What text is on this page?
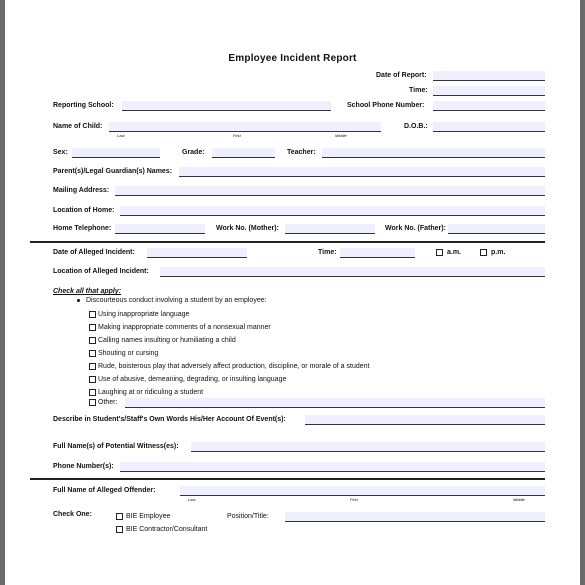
Employee Incident Report
Date of Report:
Time:
Reporting School:	School Phone Number:
Name of Child:
Last	First	Middle
D.O.B.:
Sex:	Grade:	Teacher:
Parent(s)/Legal Guardian(s) Names:
Mailing Address:
Location of Home:
Home Telephone:	Work No. (Mother):	Work No. (Father):
Date of Alleged Incident:	Time:	a.m.	p.m.
Location of Alleged Incident:
Check all that apply:
Discourteous conduct involving a student by an employee:
Using inappropriate language
Making inappropriate comments of a nonsexual manner
Calling names insulting or humiliating a child
Shouting or cursing
Rude, boisterous play that adversely affect production, discipline, or morale of a student
Use of abusive, demeaning, degrading, or insulting language
Laughing at or ridiculing a student
Other:
Describe in Student's/Staff's Own Words His/Her Account Of Event(s):
Full Name(s) of Potential Witness(es):
Phone Number(s):
Full Name of Alleged Offender:
Last	First	Middle
Check One:	BIE Employee	Position/Title:
BIE Contractor/Consultant
